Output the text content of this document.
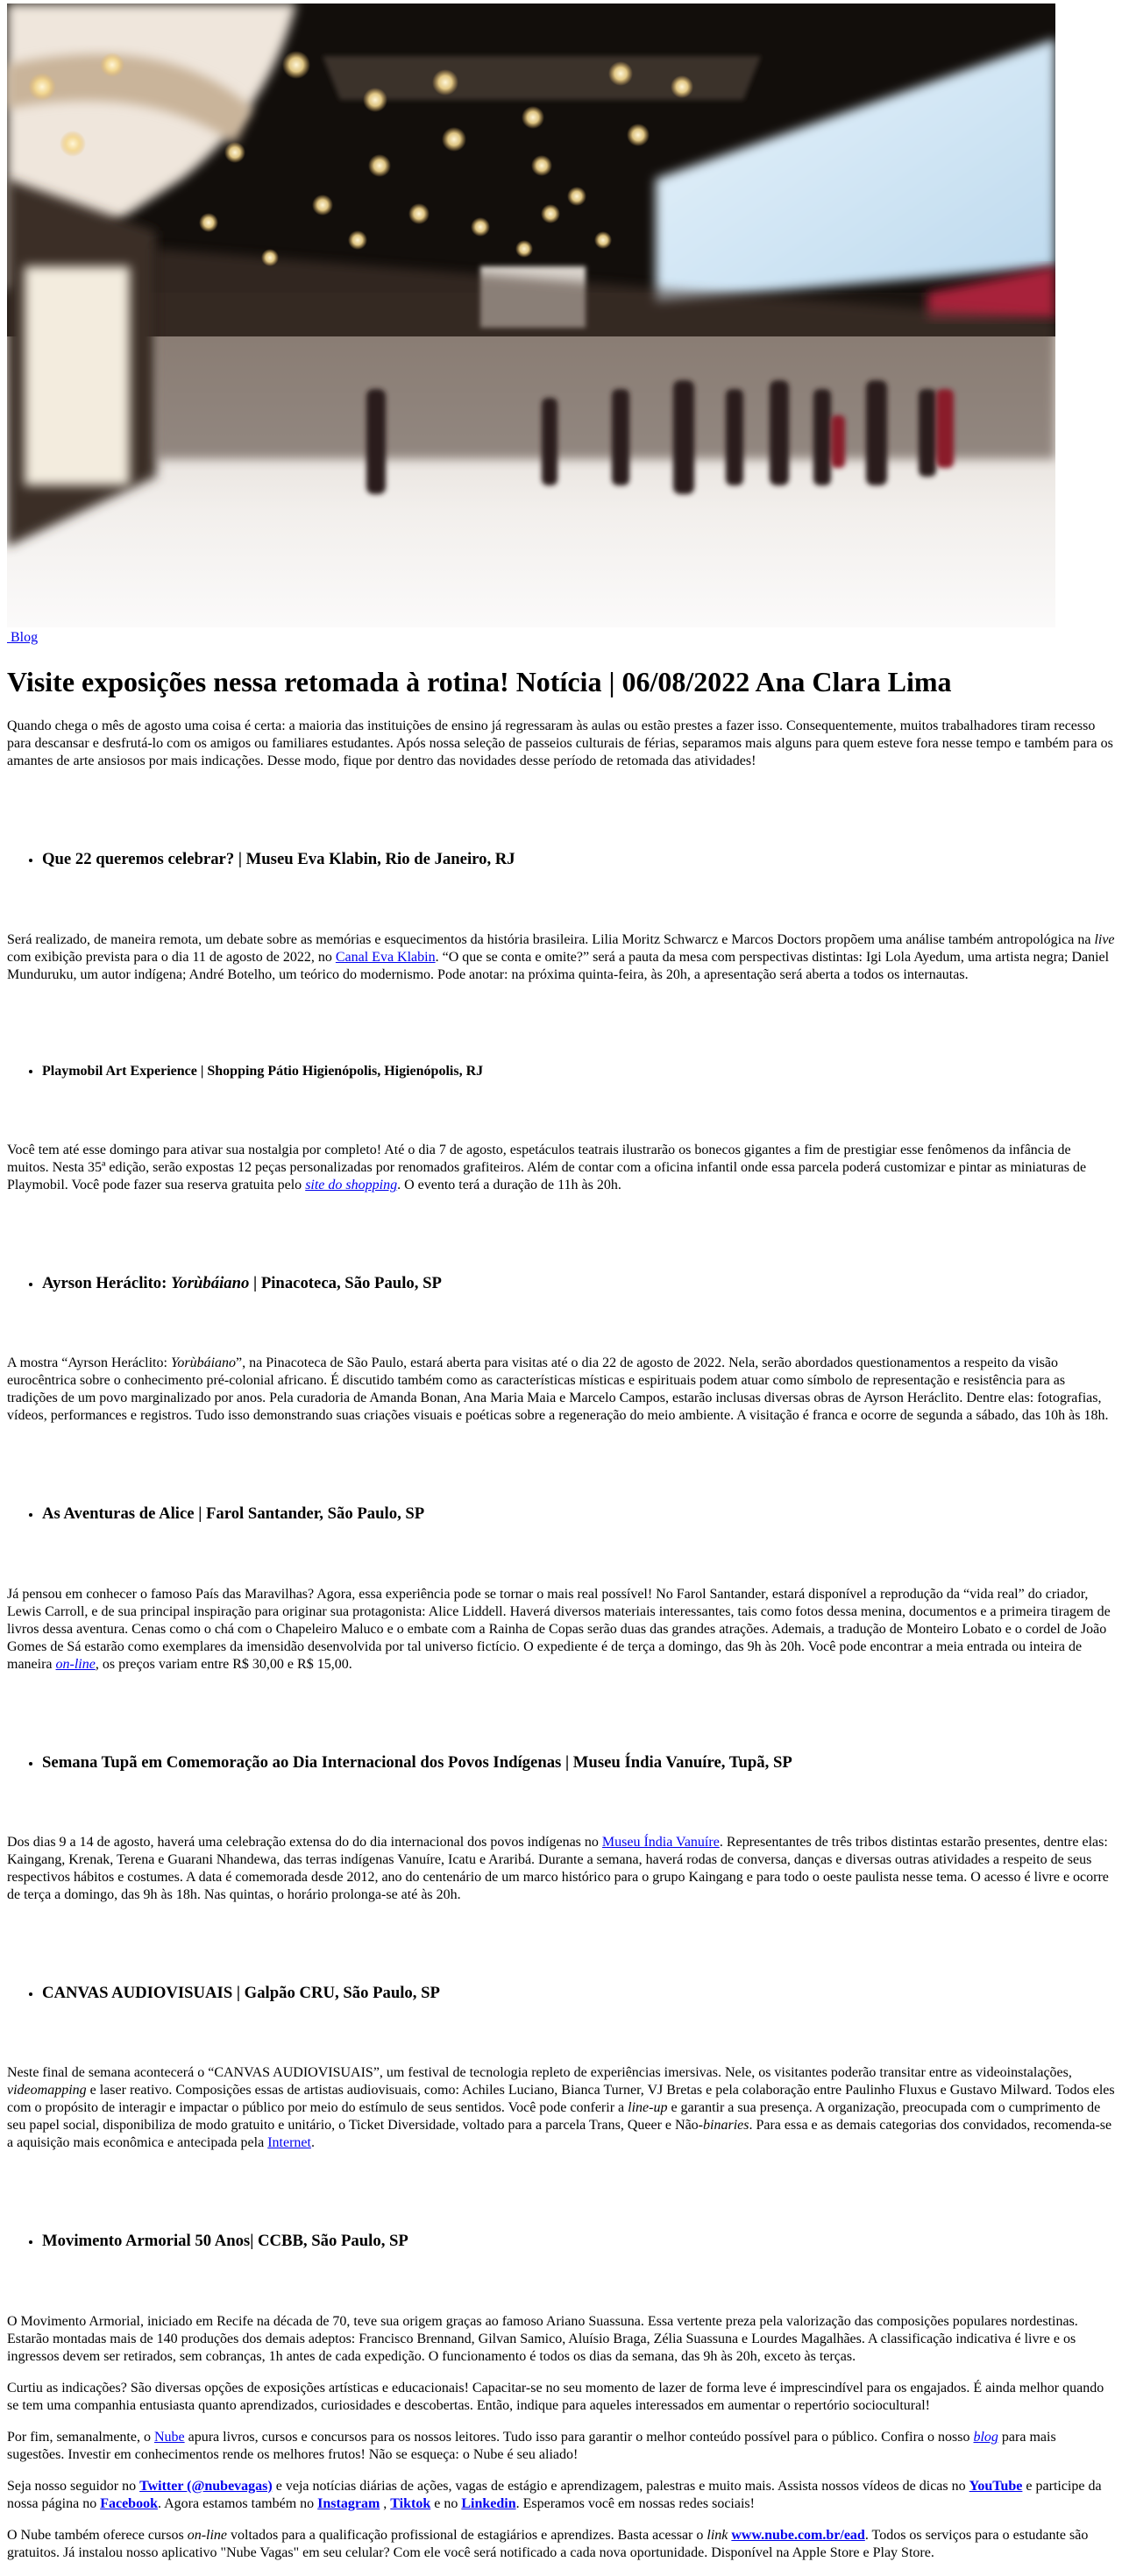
Blog
Visite exposições nessa retomada à rotina! Notícia | 06/08/2022 Ana Clara Lima

Quando chega o mês de agosto uma coisa é certa: a maioria das instituições de ensino já regressaram às aulas ou estão prestes a fazer isso. Consequentemente, muitos trabalhadores tiram recesso para descansar e desfrutá-lo com os amigos ou familiares estudantes. Após nossa seleção de passeios culturais de férias, separamos mais alguns para quem esteve fora nesse tempo e também para os amantes de arte ansiosos por mais indicações. Desse modo, fique por dentro das novidades desse período de retomada das atividades!

• Que 22 queremos celebrar? | Museu Eva Klabin, Rio de Janeiro, RJ

Será realizado, de maneira remota, um debate sobre as memórias e esquecimentos da história brasileira. Lilia Moritz Schwarcz e Marcos Doctors propõem uma análise também antropológica na live com exibição prevista para o dia 11 de agosto de 2022, no Canal Eva Klabin. “O que se conta e omite?” será a pauta da mesa com perspectivas distintas: Igi Lola Ayedum, uma artista negra; Daniel Munduruku, um autor indígena; André Botelho, um teórico do modernismo. Pode anotar: na próxima quinta-feira, às 20h, a apresentação será aberta a todos os internautas.

• Playmobil Art Experience | Shopping Pátio Higienópolis, Higienópolis, RJ

Você tem até esse domingo para ativar sua nostalgia por completo! Até o dia 7 de agosto, espetáculos teatrais ilustrarão os bonecos gigantes a fim de prestigiar esse fenômenos da infância de muitos. Nesta 35ª edição, serão expostas 12 peças personalizadas por renomados grafiteiros. Além de contar com a oficina infantil onde essa parcela poderá customizar e pintar as miniaturas de Playmobil. Você pode fazer sua reserva gratuita pelo site do shopping. O evento terá a duração de 11h às 20h.

• Ayrson Heráclito: Yorùbáiano | Pinacoteca, São Paulo, SP

A mostra “Ayrson Heráclito: Yorùbáiano”, na Pinacoteca de São Paulo, estará aberta para visitas até o dia 22 de agosto de 2022. Nela, serão abordados questionamentos a respeito da visão eurocêntrica sobre o conhecimento pré-colonial africano. É discutido também como as características místicas e espirituais podem atuar como símbolo de representação e resistência para as tradições de um povo marginalizado por anos. Pela curadoria de Amanda Bonan, Ana Maria Maia e Marcelo Campos, estarão inclusas diversas obras de Ayrson Heráclito. Dentre elas: fotografias, vídeos, performances e registros. Tudo isso demonstrando suas criações visuais e poéticas sobre a regeneração do meio ambiente. A visitação é franca e ocorre de segunda a sábado, das 10h às 18h.

• As Aventuras de Alice | Farol Santander, São Paulo, SP

Já pensou em conhecer o famoso País das Maravilhas? Agora, essa experiência pode se tornar o mais real possível! No Farol Santander, estará disponível a reprodução da “vida real” do criador, Lewis Carroll, e de sua principal inspiração para originar sua protagonista: Alice Liddell. Haverá diversos materiais interessantes, tais como fotos dessa menina, documentos e a primeira tiragem de livros dessa aventura. Cenas como o chá com o Chapeleiro Maluco e o embate com a Rainha de Copas serão duas das grandes atrações. Ademais, a tradução de Monteiro Lobato e o cordel de João Gomes de Sá estarão como exemplares da imensidão desenvolvida por tal universo fictício. O expediente é de terça a domingo, das 9h às 20h. Você pode encontrar a meia entrada ou inteira de maneira on-line, os preços variam entre R$ 30,00 e R$ 15,00.

• Semana Tupã em Comemoração ao Dia Internacional dos Povos Indígenas | Museu Índia Vanuíre, Tupã, SP

Dos dias 9 a 14 de agosto, haverá uma celebração extensa do do dia internacional dos povos indígenas no Museu Índia Vanuíre. Representantes de três tribos distintas estarão presentes, dentre elas: Kaingang, Krenak, Terena e Guarani Nhandewa, das terras indígenas Vanuíre, Icatu e Araribá. Durante a semana, haverá rodas de conversa, danças e diversas outras atividades a respeito de seus respectivos hábitos e costumes. A data é comemorada desde 2012, ano do centenário de um marco histórico para o grupo Kaingang e para todo o oeste paulista nesse tema. O acesso é livre e ocorre de terça a domingo, das 9h às 18h. Nas quintas, o horário prolonga-se até às 20h.

• CANVAS AUDIOVISUAIS | Galpão CRU, São Paulo, SP

Neste final de semana acontecerá o “CANVAS AUDIOVISUAIS”, um festival de tecnologia repleto de experiências imersivas. Nele, os visitantes poderão transitar entre as videoinstalações, videomapping e laser reativo. Composições essas de artistas audiovisuais, como: Achiles Luciano, Bianca Turner, VJ Bretas e pela colaboração entre Paulinho Fluxus e Gustavo Milward. Todos eles com o propósito de interagir e impactar o público por meio do estímulo de seus sentidos. Você pode conferir a line-up e garantir a sua presença. A organização, preocupada com o cumprimento de seu papel social, disponibiliza de modo gratuito e unitário, o Ticket Diversidade, voltado para a parcela Trans, Queer e Não-binaries. Para essa e as demais categorias dos convidados, recomenda-se a aquisição mais econômica e antecipada pela Internet.

• Movimento Armorial 50 Anos| CCBB, São Paulo, SP

O Movimento Armorial, iniciado em Recife na década de 70, teve sua origem graças ao famoso Ariano Suassuna. Essa vertente preza pela valorização das composições populares nordestinas. Estarão montadas mais de 140 produções dos demais adeptos: Francisco Brennand, Gilvan Samico, Aluísio Braga, Zélia Suassuna e Lourdes Magalhães. A classificação indicativa é livre e os ingressos devem ser retirados, sem cobranças, 1h antes de cada expedição. O funcionamento é todos os dias da semana, das 9h às 20h, exceto às terças.

Curtiu as indicações? São diversas opções de exposições artísticas e educacionais! Capacitar-se no seu momento de lazer de forma leve é imprescindível para os engajados. É ainda melhor quando se tem uma companhia entusiasta quanto aprendizados, curiosidades e descobertas. Então, indique para aqueles interessados em aumentar o repertório sociocultural!

Por fim, semanalmente, o Nube apura livros, cursos e concursos para os nossos leitores. Tudo isso para garantir o melhor conteúdo possível para o público. Confira o nosso blog para mais sugestões. Investir em conhecimentos rende os melhores frutos! Não se esqueça: o Nube é seu aliado!

Seja nosso seguidor no Twitter (@nubevagas) e veja notícias diárias de ações, vagas de estágio e aprendizagem, palestras e muito mais. Assista nossos vídeos de dicas no YouTube e participe da nossa página no Facebook. Agora estamos também no Instagram , Tiktok e no Linkedin. Esperamos você em nossas redes sociais!

O Nube também oferece cursos on-line voltados para a qualificação profissional de estagiários e aprendizes. Basta acessar o link www.nube.com.br/ead. Todos os serviços para o estudante são gratuitos. Já instalou nosso aplicativo "Nube Vagas" em seu celular? Com ele você será notificado a cada nova oportunidade. Disponível na Apple Store e Play Store.
